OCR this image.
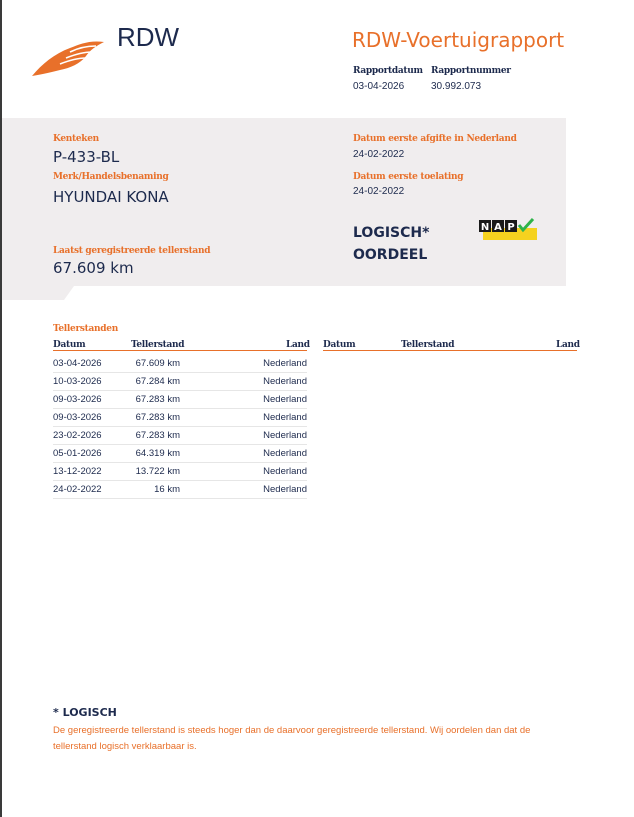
RDW	RDW-Voertuigrapport
Rapportdatum Rapportnummer
03-04-2026	30.992.073
Kenteken
P-433-BL
Merk/Handelsbenaming
HYUNDAI KONA
Laatst geregistreerde tellerstand
67.609 km
Datum eerste afgifte in Nederland
24-02-2022
Datum eerste toelating
24-02-2022
LOGISCH*
OORDEEL
N A P
Tellerstanden
Datum	Tellerstand	Land Datum	Tellerstand	Land
03-04-2026	67.609 km	Nederland
10-03-2026	67.284 km	Nederland
09-03-2026	67.283 km	Nederland
09-03-2026	67.283 km	Nederland
23-02-2026	67.283 km	Nederland
05-01-2026	64.319 km	Nederland
13-12-2022	13.722 km	Nederland
24-02-2022	16 km	Nederland
* LOGISCH
De geregistreerde tellerstand is steeds hoger dan de daarvoor geregistreerde tellerstand. Wij oordelen dan dat de tellerstand logisch verklaarbaar is.
